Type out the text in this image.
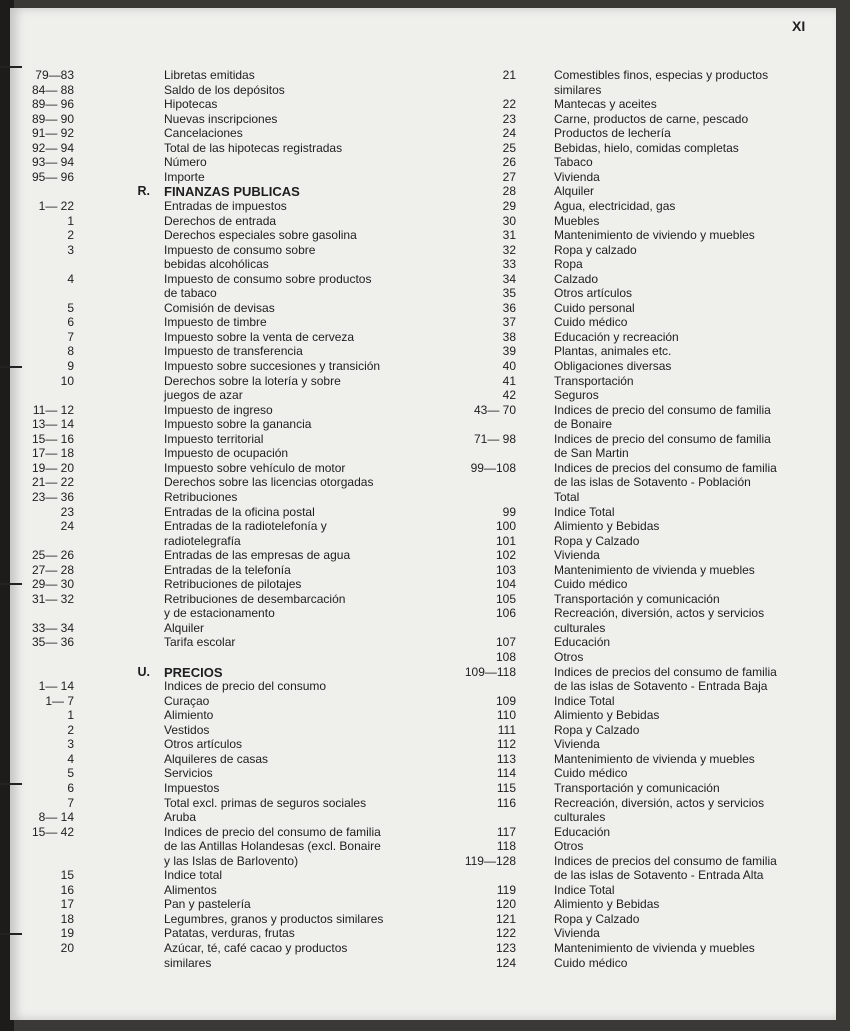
XI
79—83	Libretas emitidas
84— 88	Saldo de los depósitos
89— 96	Hipotecas
89— 90	Nuevas inscripciones
91— 92	Cancelaciones
92— 94	Total de las hipotecas registradas
93— 94	Número
95— 96	Importe
R. FINANZAS PUBLICAS
1— 22	Entradas de impuestos
1	Derechos de entrada
2	Derechos especiales sobre gasolina
3	Impuesto de consumo sobre
bebidas alcohólicas
4	Impuesto de consumo sobre productos
de tabaco
5	Comisión de devisas
6	Impuesto de timbre
7	Impuesto sobre la venta de cerveza
8	Impuesto de transferencia
9	Impuesto sobre succesiones y transición
10	Derechos sobre la lotería y sobre
juegos de azar
11— 12	Impuesto de ingreso
13— 14	Impuesto sobre la ganancia
15— 16	Impuesto territorial
17— 18	Impuesto de ocupación
19— 20	Impuesto sobre vehículo de motor
21— 22	Derechos sobre las licencias otorgadas
23— 36	Retribuciones
23	Entradas de la oficina postal
24	Entradas de la radiotelefonía y
radiotelegrafía
25— 26	Entradas de las empresas de agua
27— 28	Entradas de la telefonía
29— 30	Retribuciones de pilotajes
31— 32	Retribuciones de desembarcación
y de estacionamento
33— 34	Alquiler
35— 36	Tarifa escolar
U. PRECIOS
1— 14	Indices de precio del consumo
1— 7	Curaçao
1	Alimiento
2	Vestidos
3	Otros artículos
4	Alquileres de casas
5	Servicios
6	Impuestos
7	Total excl. primas de seguros sociales
8— 14	Aruba
15— 42	Indices de precio del consumo de familia
de las Antillas Holandesas (excl. Bonaire
y las Islas de Barlovento)
15	Indice total
16	Alimentos
17	Pan y pastelería
18	Legumbres, granos y productos similares
19	Patatas, verduras, frutas
20	Azúcar, té, café cacao y productos
similares
21	Comestibles finos, especias y productos
similares
22	Mantecas y aceites
23	Carne, productos de carne, pescado
24	Productos de lechería
25	Bebidas, hielo, comidas completas
26	Tabaco
27	Vivienda
28	Alquiler
29	Agua, electricidad, gas
30	Muebles
31	Mantenimiento de viviendo y muebles
32	Ropa y calzado
33	Ropa
34	Calzado
35	Otros artículos
36	Cuido personal
37	Cuido médico
38	Educación y recreación
39	Plantas, animales etc.
40	Obligaciones diversas
41	Transportación
42	Seguros
43— 70	Indices de precio del consumo de familia
de Bonaire
71— 98	Indices de precio del consumo de familia
de San Martin
99—108	Indices de precios del consumo de familia
de las islas de Sotavento - Población
Total
99	Indice Total
100	Alimiento y Bebidas
101	Ropa y Calzado
102	Vivienda
103	Mantenimiento de vivienda y muebles
104	Cuido médico
105	Transportación y comunicación
106	Recreación, diversión, actos y servicios
culturales
107	Educación
108	Otros
109—118	Indices de precios del consumo de familia
de las islas de Sotavento - Entrada Baja
109	Indice Total
110	Alimiento y Bebidas
111	Ropa y Calzado
112	Vivienda
113	Mantenimiento de vivienda y muebles
114	Cuido médico
115	Transportación y comunicación
116	Recreación, diversión, actos y servicios
culturales
117	Educación
118	Otros
119—128	Indices de precios del consumo de familia
de las islas de Sotavento - Entrada Alta
119	Indice Total
120	Alimiento y Bebidas
121	Ropa y Calzado
122	Vivienda
123	Mantenimiento de vivienda y muebles
124	Cuido médico
